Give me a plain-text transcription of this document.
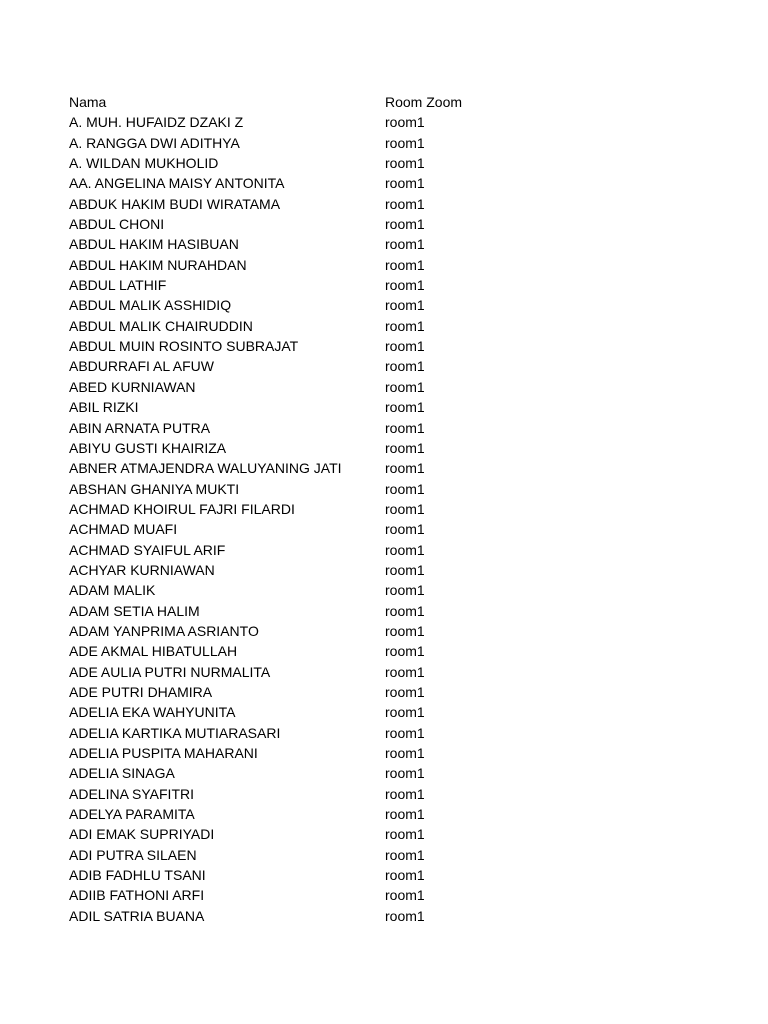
Nama	Room Zoom
A. MUH. HUFAIDZ DZAKI Z	room1
A. RANGGA DWI ADITHYA	room1
A. WILDAN MUKHOLID	room1
AA. ANGELINA MAISY ANTONITA	room1
ABDUK HAKIM BUDI WIRATAMA	room1
ABDUL CHONI	room1
ABDUL HAKIM HASIBUAN	room1
ABDUL HAKIM NURAHDAN	room1
ABDUL LATHIF	room1
ABDUL MALIK ASSHIDIQ	room1
ABDUL MALIK CHAIRUDDIN	room1
ABDUL MUIN ROSINTO SUBRAJAT	room1
ABDURRAFI AL AFUW	room1
ABED KURNIAWAN	room1
ABIL RIZKI	room1
ABIN ARNATA PUTRA	room1
ABIYU GUSTI KHAIRIZA	room1
ABNER ATMAJENDRA WALUYANING JATI	room1
ABSHAN GHANIYA MUKTI	room1
ACHMAD KHOIRUL FAJRI FILARDI	room1
ACHMAD MUAFI	room1
ACHMAD SYAIFUL ARIF	room1
ACHYAR KURNIAWAN	room1
ADAM MALIK	room1
ADAM SETIA HALIM	room1
ADAM YANPRIMA ASRIANTO	room1
ADE AKMAL HIBATULLAH	room1
ADE AULIA PUTRI NURMALITA	room1
ADE PUTRI DHAMIRA	room1
ADELIA EKA WAHYUNITA	room1
ADELIA KARTIKA MUTIARASARI	room1
ADELIA PUSPITA MAHARANI	room1
ADELIA SINAGA	room1
ADELINA SYAFITRI	room1
ADELYA PARAMITA	room1
ADI EMAK SUPRIYADI	room1
ADI PUTRA SILAEN	room1
ADIB FADHLU TSANI	room1
ADIIB FATHONI ARFI	room1
ADIL SATRIA BUANA	room1
